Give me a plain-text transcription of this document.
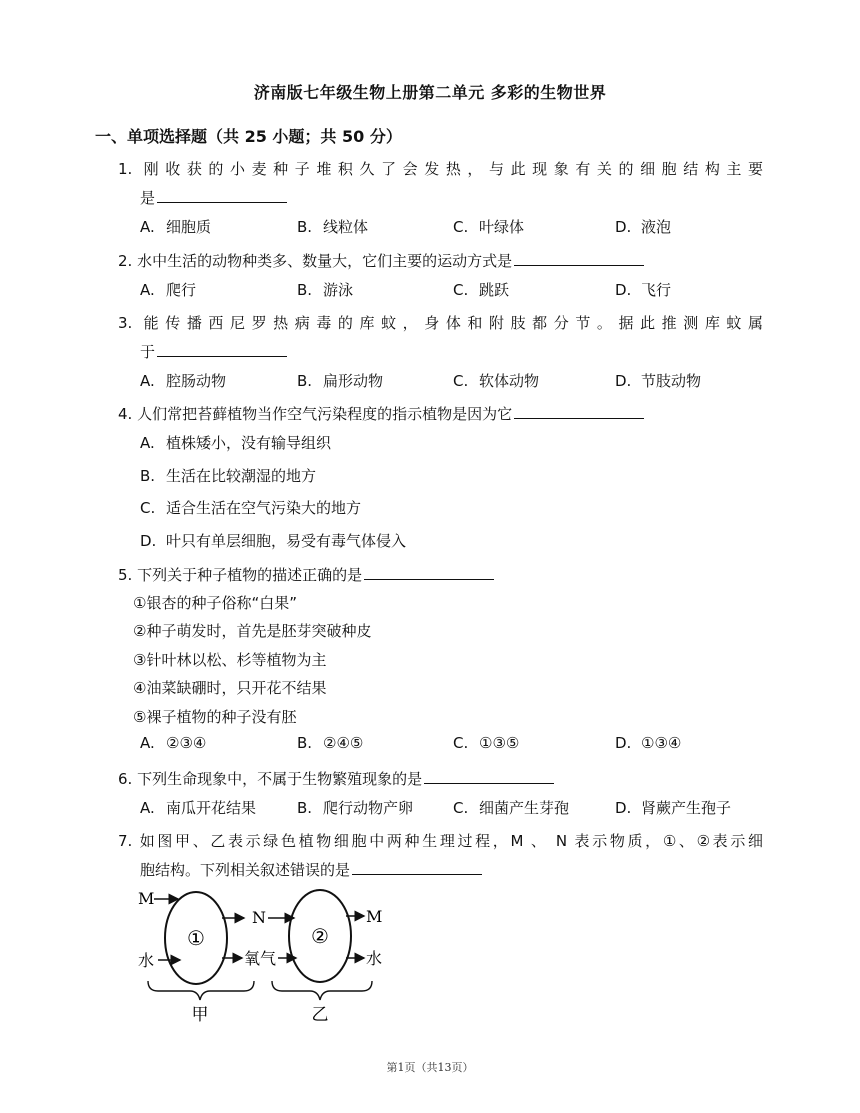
济南版七年级生物上册第二单元 多彩的生物世界
一、单项选择题（共 25 小题；共 50 分）
1. 刚收获的小麦种子堆积久了会发热，与此现象有关的细胞结构主要
是
A. 细胞质	B. 线粒体	C. 叶绿体	D. 液泡
2. 水中生活的动物种类多、数量大，它们主要的运动方式是
A. 爬行	B. 游泳	C. 跳跃	D. 飞行
3. 能传播西尼罗热病毒的库蚊，身体和附肢都分节。据此推测库蚊属
于
A. 腔肠动物	B. 扁形动物	C. 软体动物	D. 节肢动物
4. 人们常把苔藓植物当作空气污染程度的指示植物是因为它
A. 植株矮小，没有输导组织
B. 生活在比较潮湿的地方
C. 适合生活在空气污染大的地方
D. 叶只有单层细胞，易受有毒气体侵入
5. 下列关于种子植物的描述正确的是
①银杏的种子俗称“白果”
②种子萌发时，首先是胚芽突破种皮
③针叶林以松、杉等植物为主
④油菜缺硼时，只开花不结果
⑤裸子植物的种子没有胚
A. ②③④	B. ②④⑤	C. ①③⑤	D. ①③④
6. 下列生命现象中，不属于生物繁殖现象的是
A. 南瓜开花结果	B. 爬行动物产卵	C. 细菌产生芽孢	D. 肾蕨产生孢子
7. 如图甲、乙表示绿色植物细胞中两种生理过程，M 、 N 表示物质，①、②表示细
胞结构。下列相关叙述错误的是
①	②
M
水
N
氧气
M
水
甲	乙
第1页（共13页）
